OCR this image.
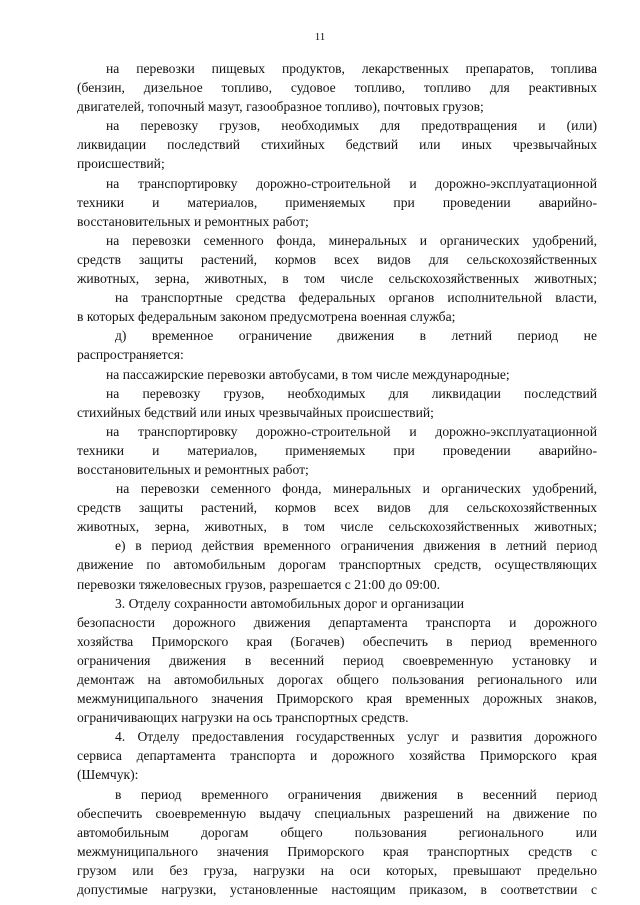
11
на перевозки пищевых продуктов, лекарственных препаратов, топлива
(бензин, дизельное топливо, судовое топливо, топливо для реактивных
двигателей, топочный мазут, газообразное топливо), почтовых грузов;
на перевозку грузов, необходимых для предотвращения и (или)
ликвидации последствий стихийных бедствий или иных чрезвычайных
происшествий;
на транспортировку дорожно-строительной и дорожно-эксплуатационной
техники и материалов, применяемых при проведении аварийно-
восстановительных и ремонтных работ;
на перевозки семенного фонда, минеральных и органических удобрений,
средств защиты растений, кормов всех видов для сельскохозяйственных
животных, зерна, животных, в том числе сельскохозяйственных животных;
на транспортные средства федеральных органов исполнительной власти,
в которых федеральным законом предусмотрена военная служба;
д) временное ограничение движения в летний период не
распространяется:
на пассажирские перевозки автобусами, в том числе международные;
на перевозку грузов, необходимых для ликвидации последствий
стихийных бедствий или иных чрезвычайных происшествий;
на транспортировку дорожно-строительной и дорожно-эксплуатационной
техники и материалов, применяемых при проведении аварийно-
восстановительных и ремонтных работ;
на перевозки семенного фонда, минеральных и органических удобрений,
средств защиты растений, кормов всех видов для сельскохозяйственных
животных, зерна, животных, в том числе сельскохозяйственных животных;
е) в период действия временного ограничения движения в летний период
движение по автомобильным дорогам транспортных средств, осуществляющих
перевозки тяжеловесных грузов, разрешается с 21:00 до 09:00.
3. Отделу сохранности автомобильных дорог и организации
безопасности дорожного движения департамента транспорта и дорожного
хозяйства Приморского края (Богачев) обеспечить в период временного
ограничения движения в весенний период своевременную установку и
демонтаж на автомобильных дорогах общего пользования регионального или
межмуниципального значения Приморского края временных дорожных знаков,
ограничивающих нагрузки на ось транспортных средств.
4. Отделу предоставления государственных услуг и развития дорожного
сервиса департамента транспорта и дорожного хозяйства Приморского края
(Шемчук):
в период временного ограничения движения в весенний период
обеспечить своевременную выдачу специальных разрешений на движение по
автомобильным дорогам общего пользования регионального или
межмуниципального значения Приморского края транспортных средств с
грузом или без груза, нагрузки на оси которых, превышают предельно
допустимые нагрузки, установленные настоящим приказом, в соответствии с
